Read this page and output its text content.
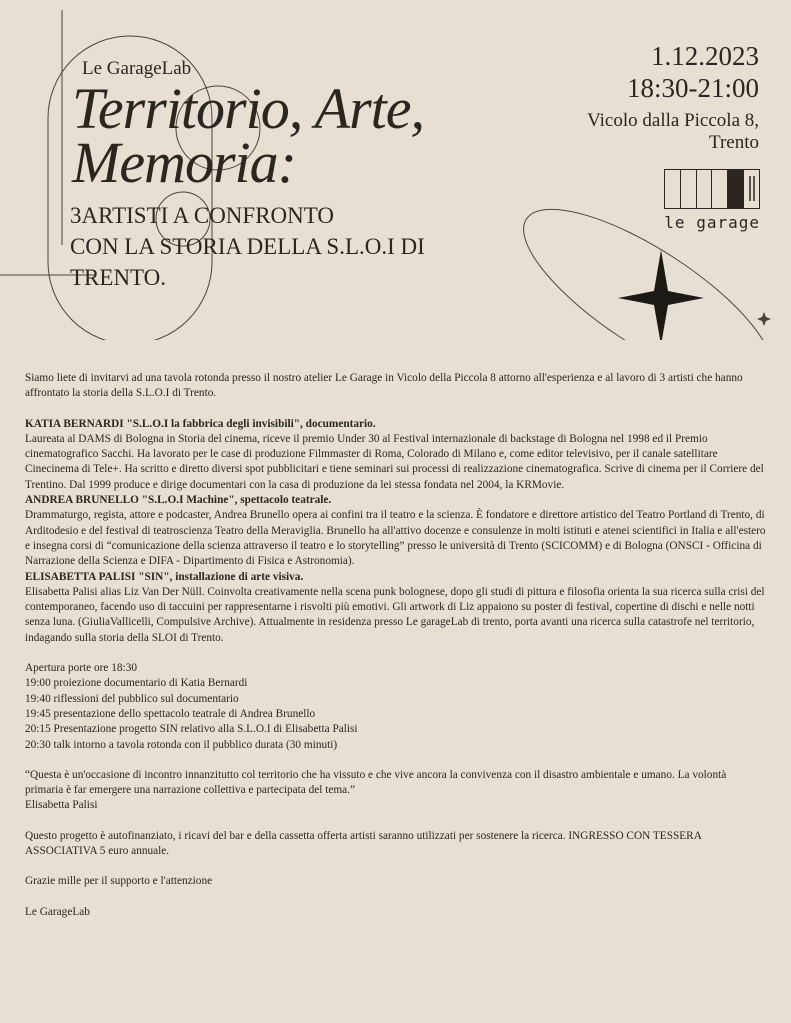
Le GarageLab
Territorio, Arte,
Memoria:
3ARTISTI A CONFRONTO
CON LA STORIA DELLA S.L.O.I DI
TRENTO.
1.12.2023
18:30-21:00
Vicolo dalla Piccola 8,
Trento
le garage

Siamo liete di invitarvi ad una tavola rotonda presso il nostro atelier Le Garage in Vicolo della Piccola 8 attorno all'esperienza e al lavoro di 3 artisti che hanno affrontato la storia della S.L.O.I di Trento.

KATIA BERNARDI "S.L.O.I la fabbrica degli invisibili", documentario.

Laureata al DAMS di Bologna in Storia del cinema, riceve il premio Under 30 al Festival internazionale di backstage di Bologna nel 1998 ed il Premio cinematografico Sacchi. Ha lavorato per le case di produzione Filmmaster di Roma, Colorado di Milano e, come editor televisivo, per il canale satellitare Cinecinema di Tele+. Ha scritto e diretto diversi spot pubblicitari e tiene seminari sui processi di realizzazione cinematografica. Scrive di cinema per il Corriere del Trentino. Dal 1999 produce e dirige documentari con la casa di produzione da lei stessa fondata nel 2004, la KRMovie.

ANDREA BRUNELLO "S.L.O.I Machine", spettacolo teatrale.

Drammaturgo, regista, attore e podcaster, Andrea Brunello opera ai confini tra il teatro e la scienza. È fondatore e direttore artistico del Teatro Portland di Trento, di Arditodesio e del festival di teatroscienza Teatro della Meraviglia. Brunello ha all'attivo docenze e consulenze in molti istituti e atenei scientifici in Italia e all'estero e insegna corsi di “comunicazione della scienza attraverso il teatro e lo storytelling” presso le università di Trento (SCICOMM) e di Bologna (ONSCI - Officina di Narrazione della Scienza e DIFA - Dipartimento di Fisica e Astronomia).

ELISABETTA PALISI "SIN", installazione di arte visiva.

Elisabetta Palisi alias Liz Van Der Nüll. Coinvolta creativamente nella scena punk bolognese, dopo gli studi di pittura e filosofia orienta la sua ricerca sulla crisi del contemporaneo, facendo uso di taccuini per rappresentarne i risvolti più emotivi. Gli artwork di Liz appaiono su poster di festival, copertine di dischi e nelle notti senza luna. (GiuliaVallicelli, Compulsive Archive). Attualmente in residenza presso Le garageLab di trento, porta avanti una ricerca sulla catastrofe nel territorio, indagando sulla storia della SLOI di Trento.

Apertura porte ore 18:30

19:00 proiezione documentario di Katia Bernardi

19:40 riflessioni del pubblico sul documentario

19:45 presentazione dello spettacolo teatrale di Andrea Brunello

20:15 Presentazione progetto SIN relativo alla S.L.O.I di Elisabetta Palisi

20:30 talk intorno a tavola rotonda con il pubblico durata (30 minuti)

“Questa è un'occasione di incontro innanzitutto col territorio che ha vissuto e che vive ancora la convivenza con il disastro ambientale e umano. La volontà primaria è far emergere una narrazione collettiva e partecipata del tema.”

Elisabetta Palisi

Questo progetto è autofinanziato, i ricavi del bar e della cassetta offerta artisti saranno utilizzati per sostenere la ricerca. INGRESSO CON TESSERA ASSOCIATIVA 5 euro annuale.

Grazie mille per il supporto e l'attenzione

Le GarageLab
